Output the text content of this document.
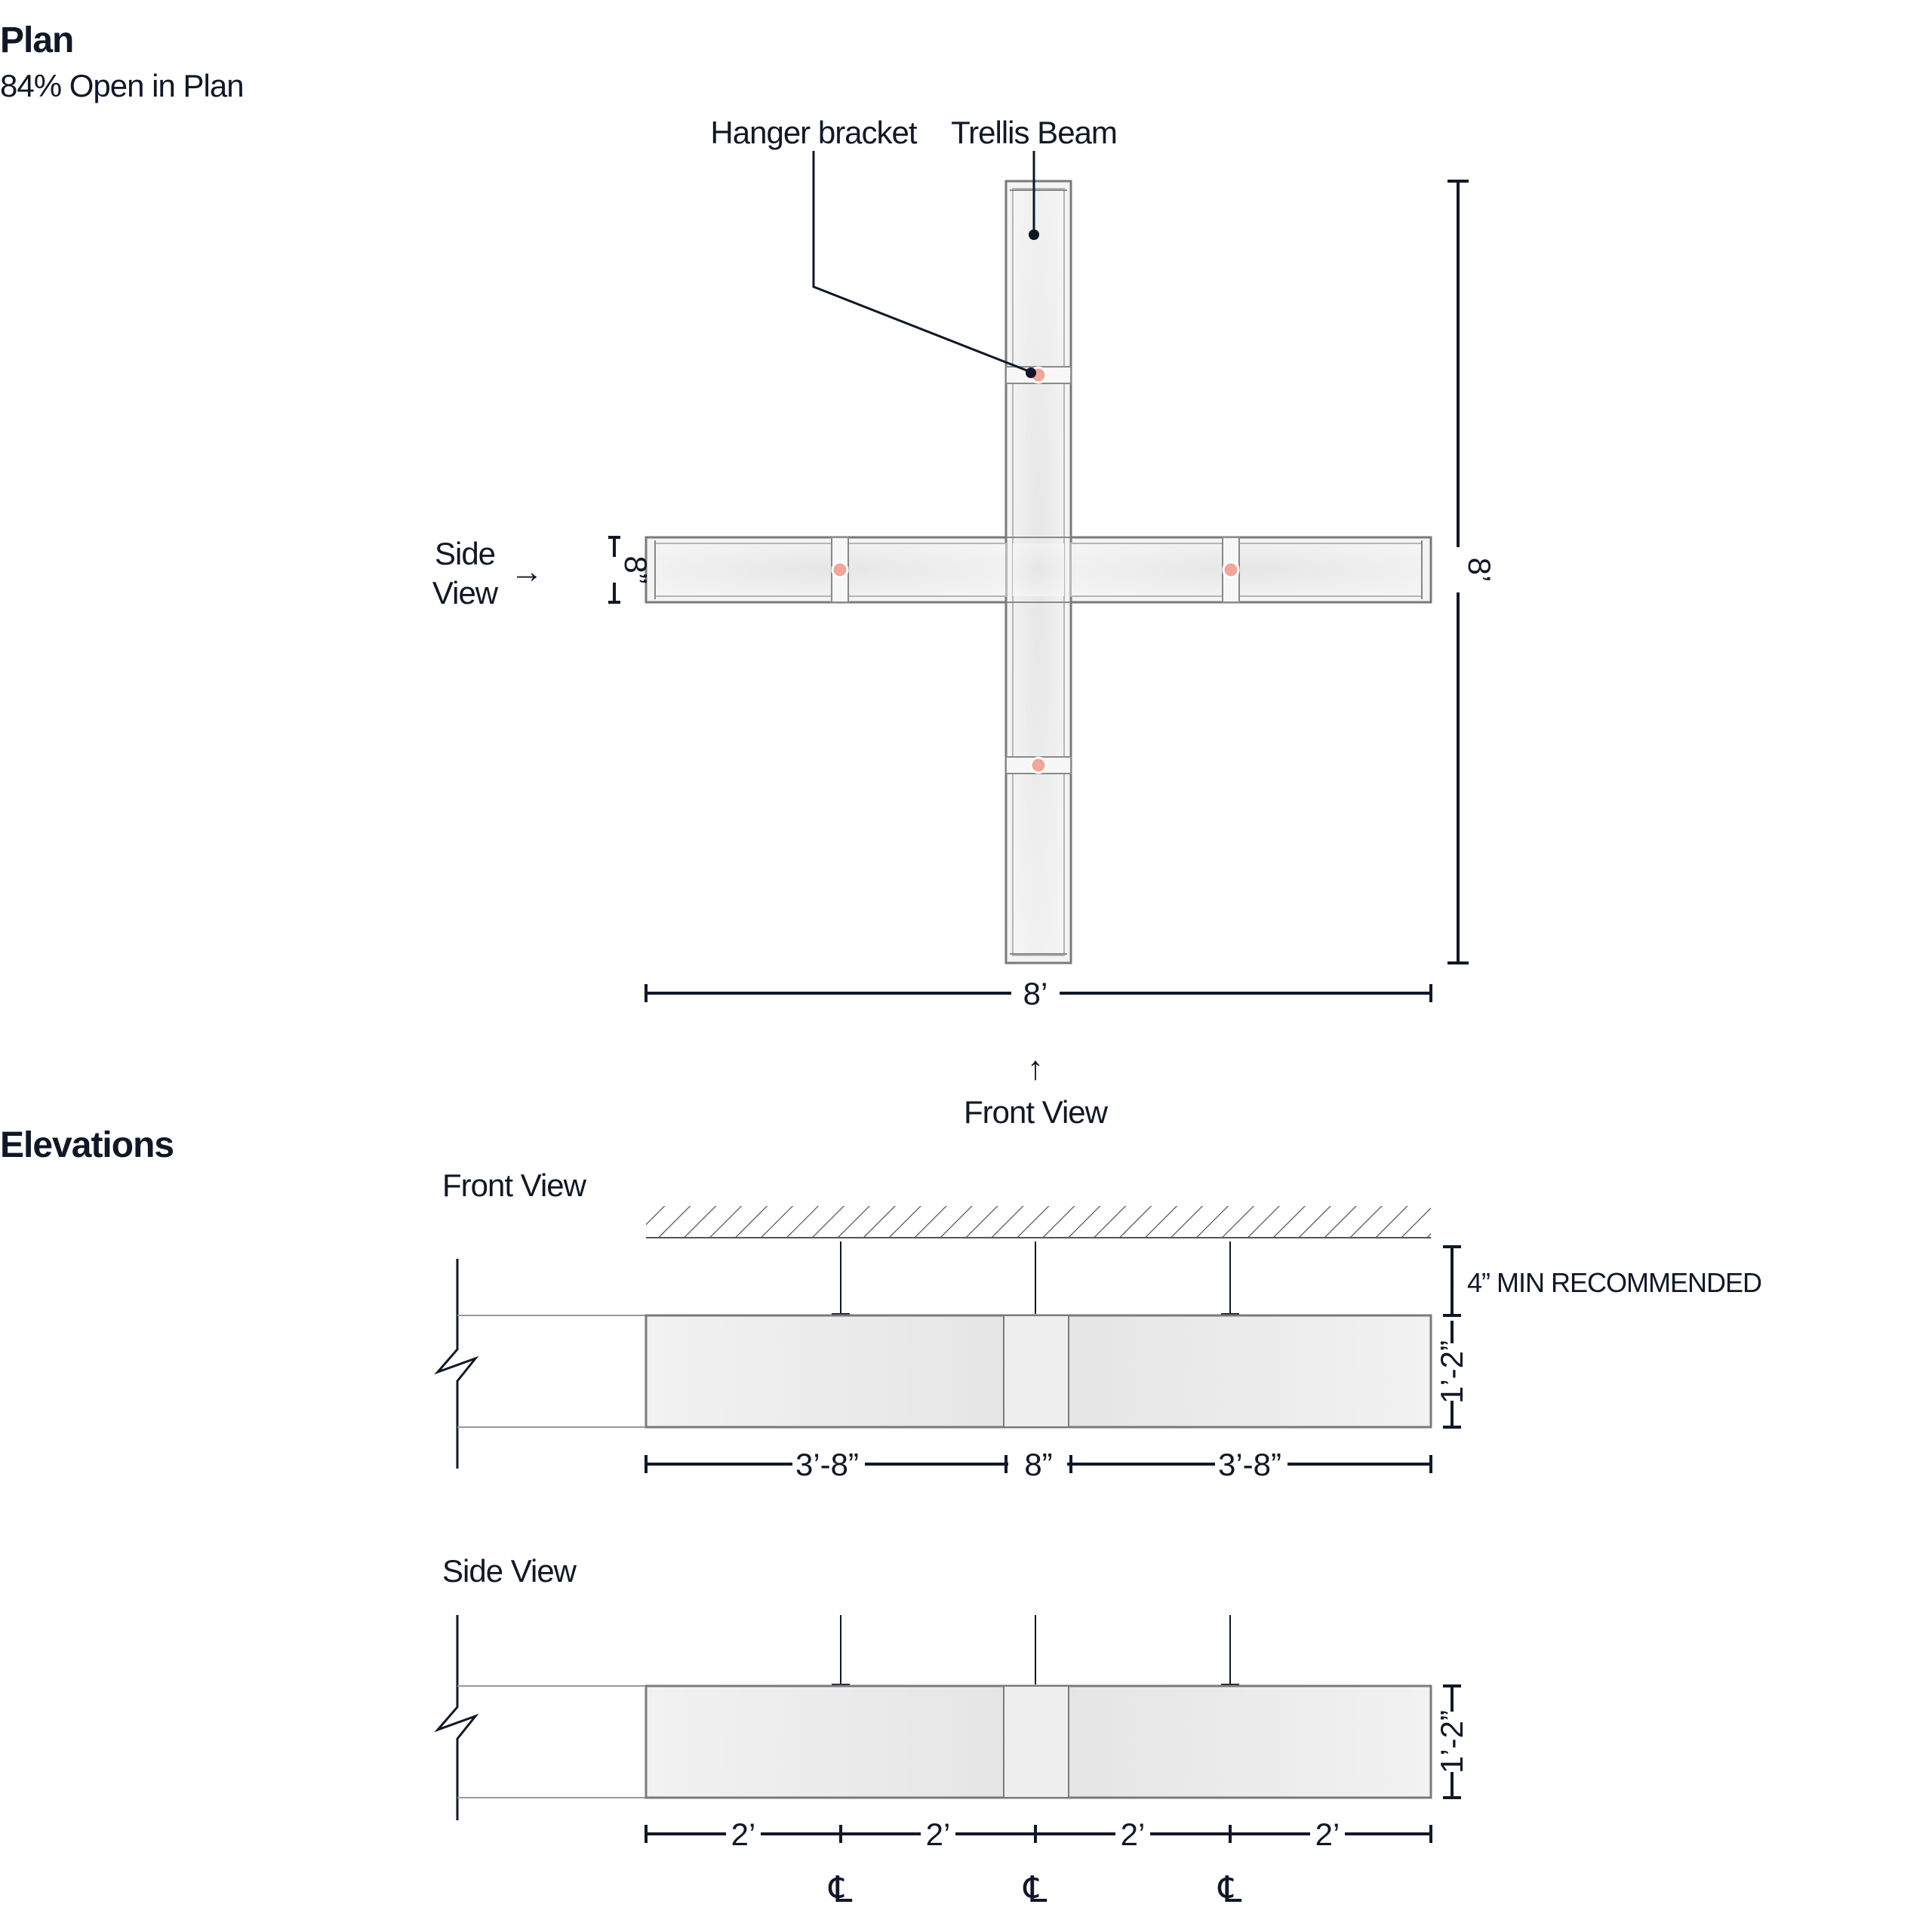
Plan
84% Open in Plan
Elevations
Hanger bracket Trellis Beam
Side
View
→ 8”	8’
8’
↑
Front View
Front View
4” MIN RECOMMENDED
1’-2”
3’-8”	8”	3’-8”
Side View
1’-2”
2’	2’	2’	2’
℄	℄	℄
